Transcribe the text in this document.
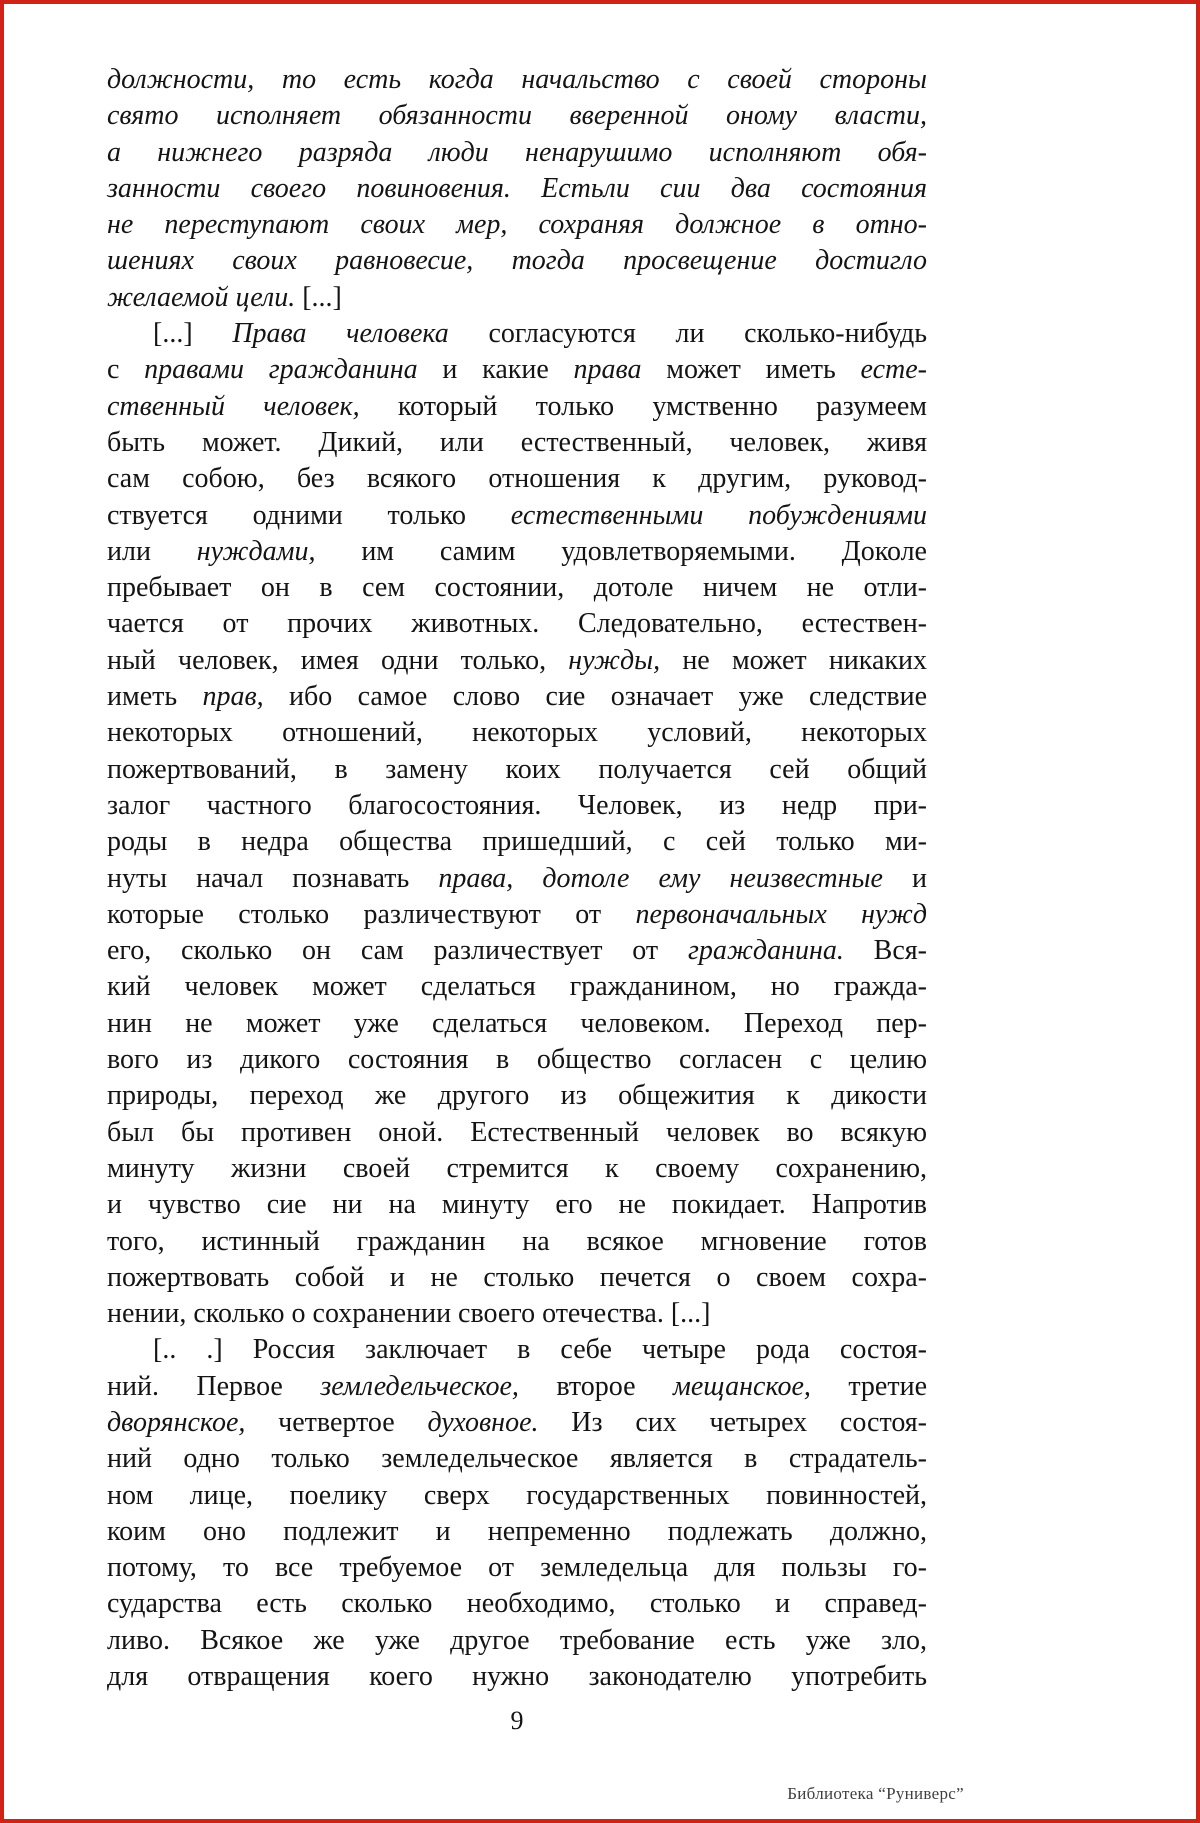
должности, то есть когда начальство с своей стороны
свято исполняет обязанности вверенной оному власти,
а нижнего разряда люди ненарушимо исполняют обя-
занности своего повиновения. Естьли сии два состояния
не переступают своих мер, сохраняя должное в отно-
шениях своих равновесие, тогда просвещение достигло
желаемой цели. [...]
[...] Права человека согласуются ли сколько-нибудь
с правами гражданина и какие права может иметь есте-
ственный человек, который только умственно разумеем
быть может. Дикий, или естественный, человек, живя
сам собою, без всякого отношения к другим, руковод-
ствуется одними только естественными побуждениями
или нуждами, им самим удовлетворяемыми. Доколе
пребывает он в сем состоянии, дотоле ничем не отли-
чается от прочих животных. Следовательно, естествен-
ный человек, имея одни только, нужды, не может никаких
иметь прав, ибо самое слово сие означает уже следствие
некоторых отношений, некоторых условий, некоторых
пожертвований, в замену коих получается сей общий
залог частного благосостояния. Человек, из недр при-
роды в недра общества пришедший, с сей только ми-
нуты начал познавать права, дотоле ему неизвестные и
которые столько различествуют от первоначальных нужд
его, сколько он сам различествует от гражданина. Вся-
кий человек может сделаться гражданином, но гражда-
нин не может уже сделаться человеком. Переход пер-
вого из дикого состояния в общество согласен с целию
природы, переход же другого из общежития к дикости
был бы противен оной. Естественный человек во всякую
минуту жизни своей стремится к своему сохранению,
и чувство сие ни на минуту его не покидает. Напротив
того, истинный гражданин на всякое мгновение готов
пожертвовать собой и не столько печется о своем сохра-
нении, сколько о сохранении своего отечества. [...]
[.. .] Россия заключает в себе четыре рода состоя-
ний. Первое земледельческое, второе мещанское, третие
дворянское, четвертое духовное. Из сих четырех состоя-
ний одно только земледельческое является в страдатель-
ном лице, поелику сверх государственных повинностей,
коим оно подлежит и непременно подлежать должно,
потому, то все требуемое от земледельца для пользы го-
сударства есть сколько необходимо, столько и справед-
ливо. Всякое же уже другое требование есть уже зло,
для отвращения коего нужно законодателю употребить
9
Библиотека “Руниверс”
